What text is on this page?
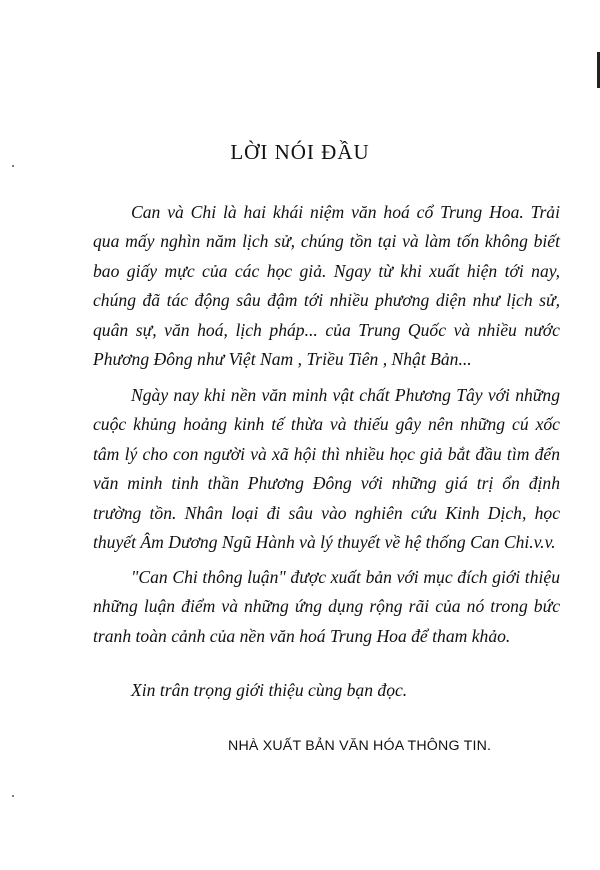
LỜI NÓI ĐẦU

Can và Chi là hai khái niệm văn hoá cổ Trung Hoa. Trải qua mấy nghìn năm lịch sử, chúng tồn tại và làm tốn không biết bao giấy mực của các học giả. Ngay từ khi xuất hiện tới nay, chúng đã tác động sâu đậm tới nhiều phương diện như lịch sử, quân sự, văn hoá, lịch pháp... của Trung Quốc và nhiều nước Phương Đông như Việt Nam , Triều Tiên , Nhật Bản...

Ngày nay khi nền văn minh vật chất Phương Tây với những cuộc khủng hoảng kinh tế thừa và thiếu gây nên những cú xốc tâm lý cho con người và xã hội thì nhiều học giả bắt đầu tìm đến văn minh tinh thần Phương Đông với những giá trị ổn định trường tồn. Nhân loại đi sâu vào nghiên cứu Kinh Dịch, học thuyết Âm Dương Ngũ Hành và lý thuyết về hệ thống Can Chi.v.v.

"Can Chi thông luận" được xuất bản với mục đích giới thiệu những luận điểm và những ứng dụng rộng rãi của nó trong bức tranh toàn cảnh của nền văn hoá Trung Hoa để tham khảo.

Xin trân trọng giới thiệu cùng bạn đọc.

NHÀ XUẤT BẢN VĂN HÓA THÔNG TIN.
